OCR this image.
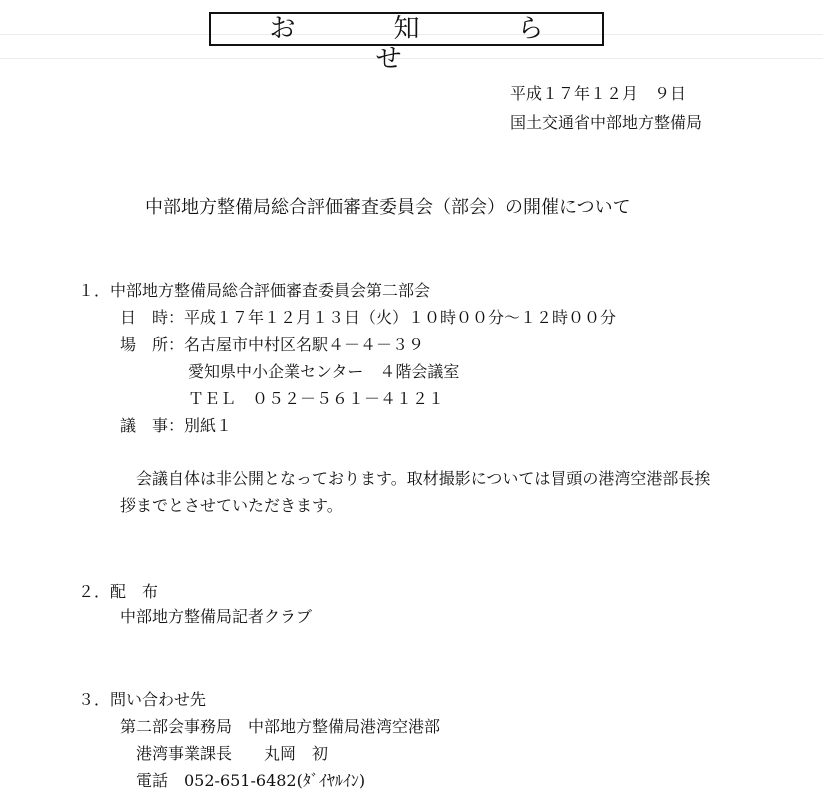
お　知　ら　せ
平成１７年１２月　９日
国土交通省中部地方整備局
中部地方整備局総合評価審査委員会（部会）の開催について
１．中部地方整備局総合評価審査委員会第二部会
日　時：平成１７年１２月１３日（火）１０時００分～１２時００分
場　所：名古屋市中村区名駅４－４－３９
愛知県中小企業センター　４階会議室
ＴＥＬ　０５２－５６１－４１２１
議　事：別紙１
会議自体は非公開となっております。取材撮影については冒頭の港湾空港部長挨
拶までとさせていただきます。
２．配　布
中部地方整備局記者クラブ
３．問い合わせ先
第二部会事務局　中部地方整備局港湾空港部
港湾事業課長　　丸岡　初
電話　052-651-6482(ﾀﾞｲﾔﾙｲﾝ)
